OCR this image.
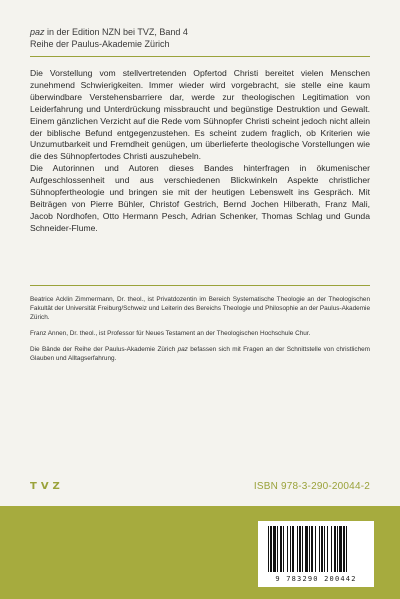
paz in der Edition NZN bei TVZ, Band 4
Reihe der Paulus-Akademie Zürich

Die Vorstellung vom stellvertretenden Opfertod Christi bereitet vielen Menschen zunehmend Schwierigkeiten. Immer wieder wird vorgebracht, sie stelle eine kaum überwindbare Verstehensbarriere dar, werde zur theologischen Legitimation von Leiderfahrung und Unterdrückung missbraucht und begünstige Destruktion und Gewalt. Einem gänzlichen Verzicht auf die Rede vom Sühnopfer Christi scheint jedoch nicht allein der biblische Befund entgegenzustehen. Es scheint zudem fraglich, ob Kriterien wie Unzumutbarkeit und Fremdheit genügen, um überlieferte theologische Vorstellungen wie die des Sühnopfertodes Christi auszuhebeln.

Die Autorinnen und Autoren dieses Bandes hinterfragen in ökumenischer Aufgeschlossenheit und aus verschiedenen Blickwinkeln Aspekte christlicher Sühnopfertheologie und bringen sie mit der heutigen Lebenswelt ins Gespräch. Mit Beiträgen von Pierre Bühler, Christof Gestrich, Bernd Jochen Hilberath, Franz Mali, Jacob Nordhofen, Otto Hermann Pesch, Adrian Schenker, Thomas Schlag und Gunda Schneider-Flume.

Beatrice Acklin Zimmermann, Dr. theol., ist Privatdozentin im Bereich Systematische Theologie an der Theologischen Fakultät der Universität Freiburg/Schweiz und Leiterin des Bereichs Theologie und Philosophie an der Paulus-Akademie Zürich.

Franz Annen, Dr. theol., ist Professor für Neues Testament an der Theologischen Hochschule Chur.

Die Bände der Reihe der Paulus-Akademie Zürich paz befassen sich mit Fragen an der Schnittstelle von christlichem Glauben und Alltagserfahrung.

TVZ	ISBN 978-3-290-20044-2
9 783290 200442
